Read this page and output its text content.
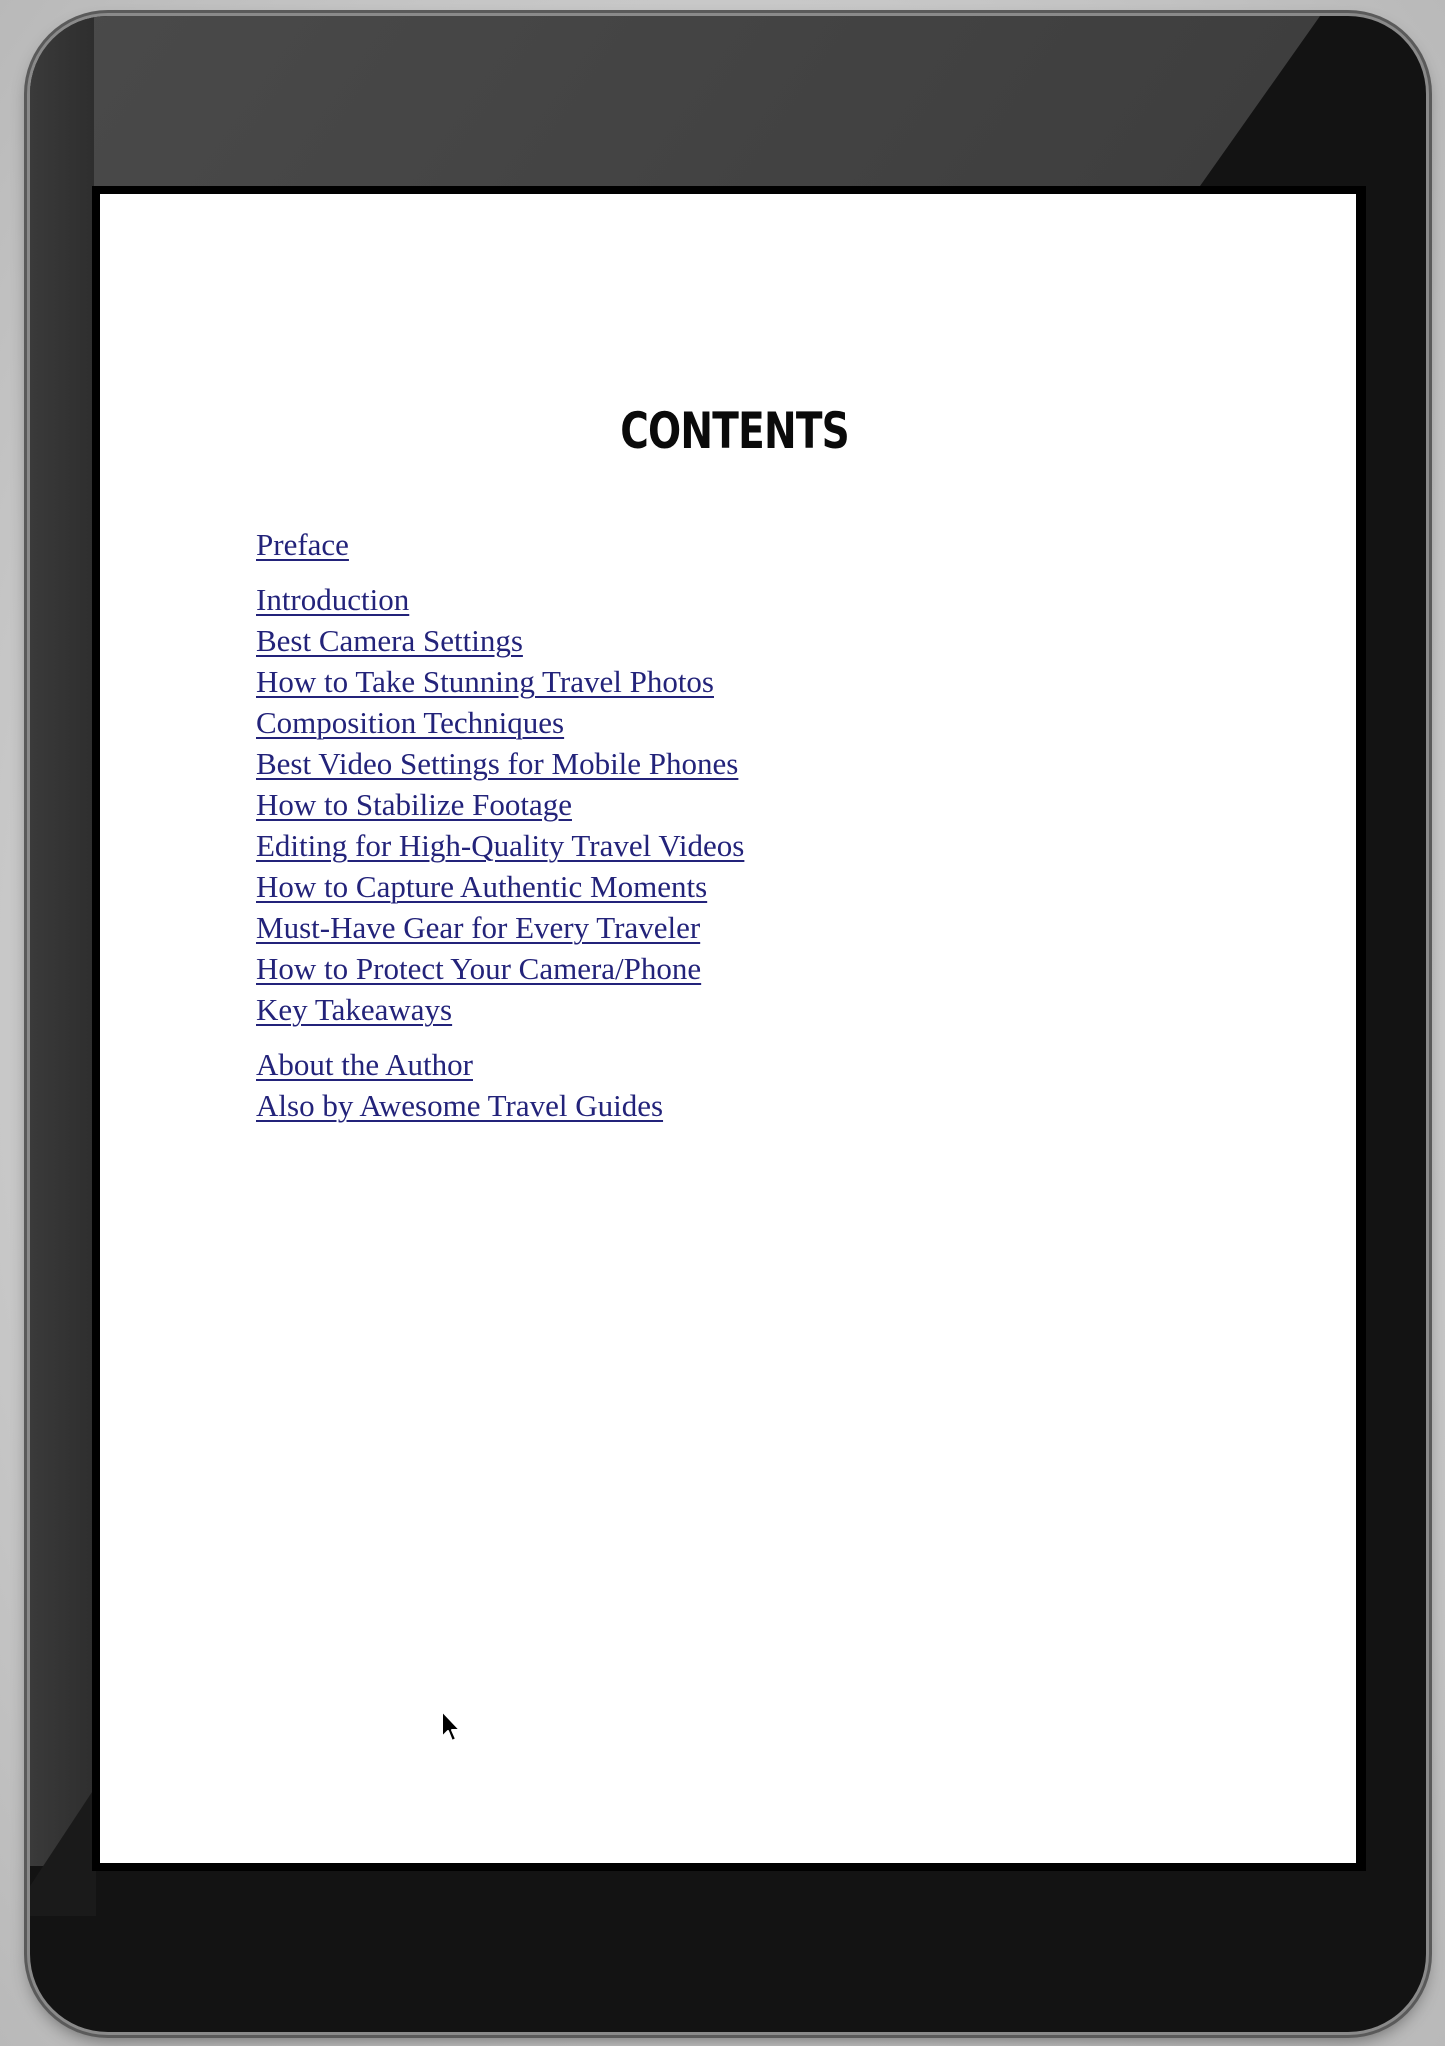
CONTENTS
Preface
Introduction
Best Camera Settings
How to Take Stunning Travel Photos
Composition Techniques
Best Video Settings for Mobile Phones
How to Stabilize Footage
Editing for High-Quality Travel Videos
How to Capture Authentic Moments
Must-Have Gear for Every Traveler
How to Protect Your Camera/Phone
Key Takeaways
About the Author
Also by Awesome Travel Guides
